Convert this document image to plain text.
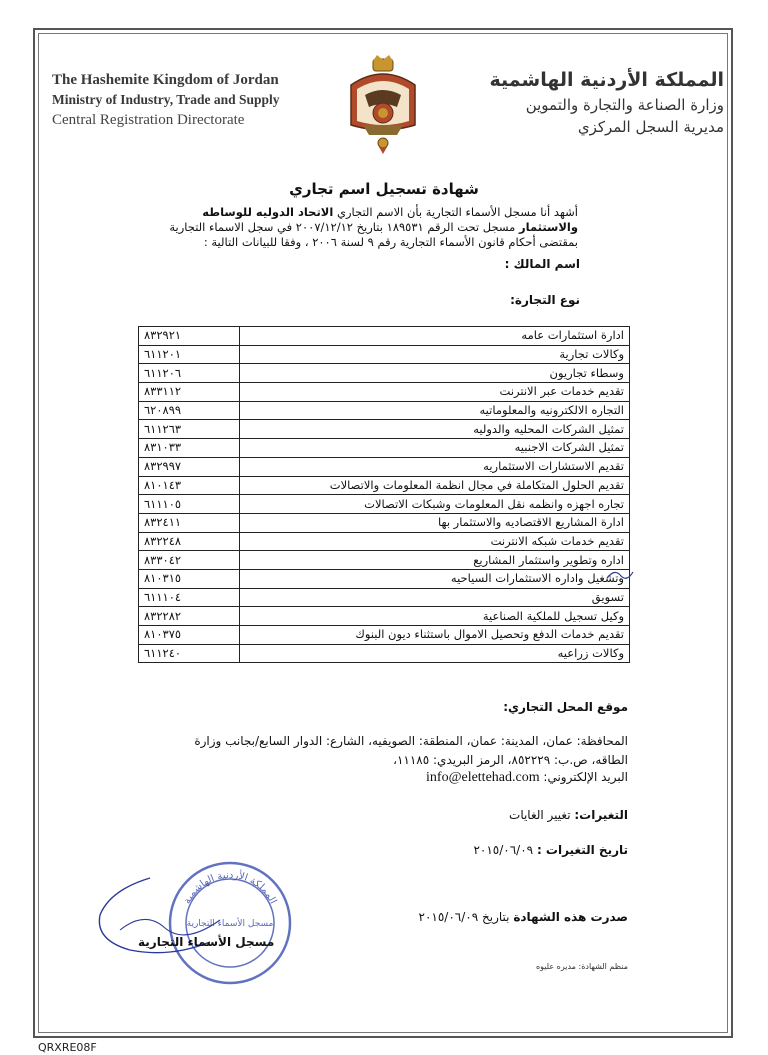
The Hashemite Kingdom of Jordan
Ministry of Industry, Trade and Supply
Central Registration Directorate
المملكة الأردنية الهاشمية
وزارة الصناعة والتجارة والتموين
مديرية السجل المركزي
شهادة تسجيل اسم تجاري
أشهد أنا مسجل الأسماء التجارية بأن الاسم التجاري الاتحاد الدوليه للوساطه والاستثمار مسجل تحت الرقم ١٨٩٥٣١ بتاريخ ٢٠٠٧/١٢/١٢ في سجل الاسماء التجارية بمقتضى أحكام قانون الأسماء التجارية رقم ٩ لسنة ٢٠٠٦ ، وفقا للبيانات التالية :
اسم المالك :
نوع التجارة:
ادارة استثمارات عامه	٨٣٢٩٢١
وكالات تجارية	٦١١٢٠١
وسطاء تجاريون	٦١١٢٠٦
تقديم خدمات عبر الانترنت	٨٣٣١١٢
التجاره الالكترونيه والمعلوماتيه	٦٢٠٨٩٩
تمثيل الشركات المحليه والدوليه	٦١١٢٦٣
تمثيل الشركات الاجنبيه	٨٣١٠٣٣
تقديم الاستشارات الاستثماريه	٨٣٢٩٩٧
تقديم الحلول المتكاملة في مجال انظمة المعلومات والاتصالات	٨١٠١٤٣
تجاره اجهزه وانظمه نقل المعلومات وشبكات الاتصالات	٦١١١٠٥
ادارة المشاريع الاقتصاديه والاستثمار بها	٨٣٢٤١١
تقديم خدمات شبكه الانترنت	٨٣٢٢٤٨
اداره وتطوير واستثمار المشاريع	٨٣٣٠٤٢
وتشغيل واداره الاستثمارات السياحيه	٨١٠٣١٥
تسويق	٦١١١٠٤
وكيل تسجيل للملكية الصناعية	٨٣٢٢٨٢
تقديم خدمات الدفع وتحصيل الاموال باستثناء ديون البنوك	٨١٠٣٧٥
وكالات زراعيه	٦١١٢٤٠
موقع المحل التجاري:
المحافظة: عمان، المدينة: عمان، المنطقة: الصويفيه، الشارع: الدوار السابع/بجانب وزارة الطاقه، ص.ب: ٨٥٢٢٢٩، الرمز البريدي: ١١١٨٥،
البريد الإلكتروني: info@elettehad.com
التغيرات: تغيير الغايات
تاريخ التغيرات : ٢٠١٥/٠٦/٠٩
صدرت هذه الشهادة بتاريخ ٢٠١٥/٠٦/٠٩
المملكة الأردنية الهاشمية
مسجل الأسماء التجارية
مسجل الأسماء التجارية
منظم الشهادة: مديره عليوه
QRXRE08F
